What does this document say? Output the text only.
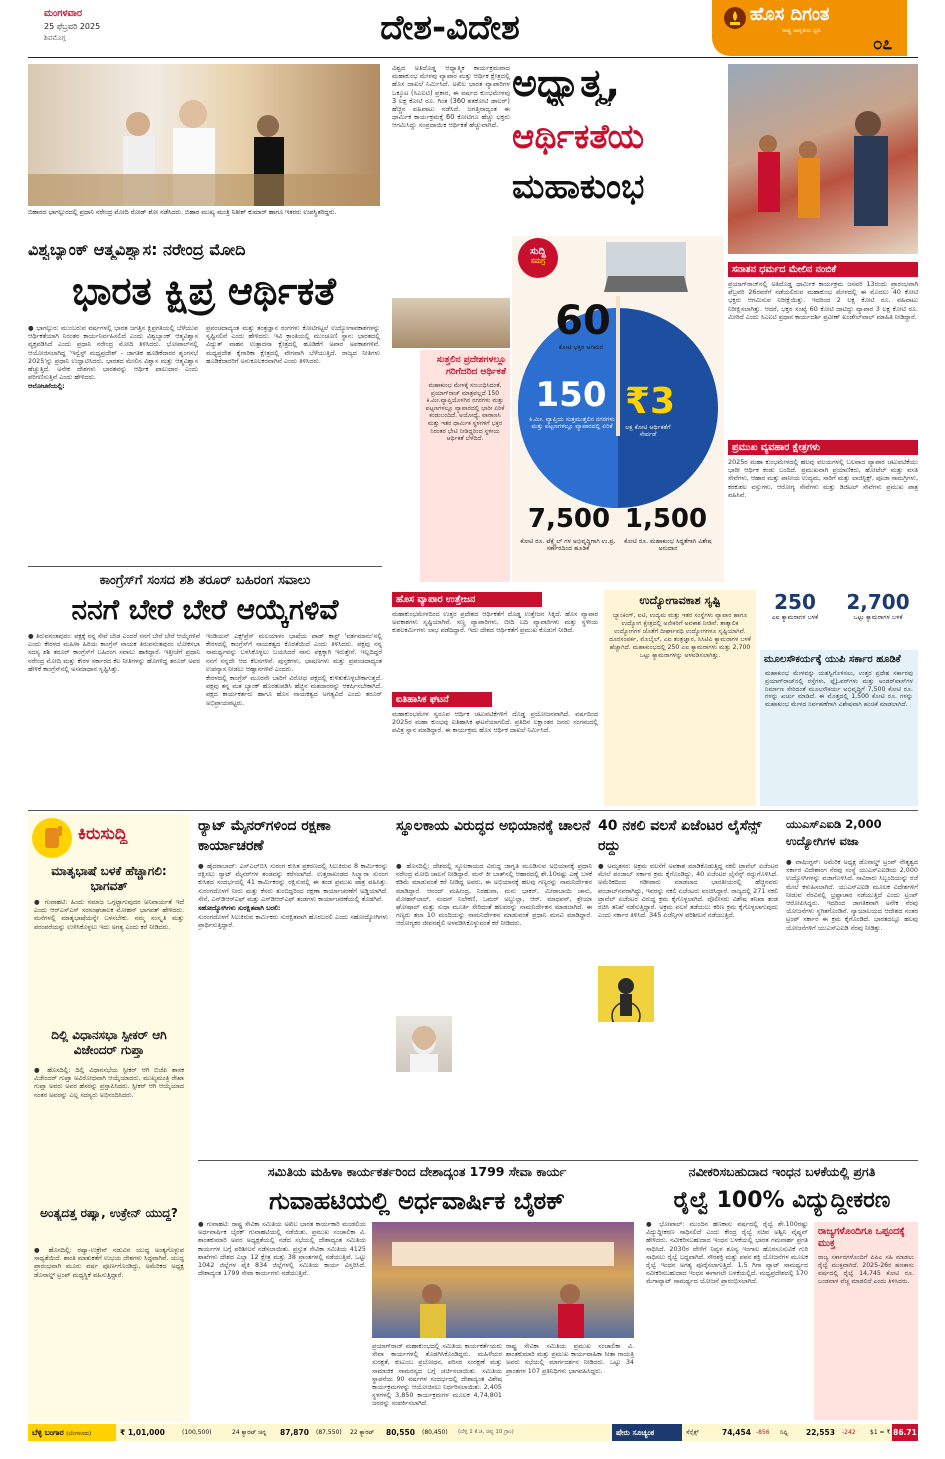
ಮಂಗಳವಾರ
25 ಫೆಬ್ರವರಿ 2025
ಶಿವಮೊಗ್ಗ	ದೇಶ-ವಿದೇಶ	ಹೊಸ ದಿಗಂತ
ರಾಷ್ಟ್ರ ಜಾಗೃತಿಯ ಧ್ವನಿ
೦೭
ಬಿಹಾರದ ಭಾಗಲ್ಪುರದಲ್ಲಿ ಪ್ರಧಾನಿ ನರೇಂದ್ರ ಮೋದಿ ರೋಡ್ ಶೋ ನಡೆಸಿದರು. ಬಿಹಾರ ಮುಖ್ಯ ಮಂತ್ರಿ ನಿತೀಶ್ ಕುಮಾರ್ ಹಾಗೂ ಇತರರು ಉಪಸ್ಥಿತರಿದ್ದರು.
ವಿಶ್ವಬ್ಯಾಂಕ್ ಆತ್ಮವಿಶ್ವಾಸ: ನರೇಂದ್ರ ಮೋದಿ
ಭಾರತ ಕ್ಷಿಪ್ರ ಆರ್ಥಿಕತೆ

● ಭಾಗಲ್ಪುರ: ಮುಂಬರುವ ವರ್ಷಗಳಲ್ಲಿ ಭಾರತ ಜಗತ್ತಿನ ಕ್ಷಿಪ್ರಗತಿಯಲ್ಲಿ ಬೆಳೆಯುವ ಆರ್ಥಿಕತೆಯಾಗಿ ನಿರಂತರ ಕಾರ್ಯನಿರ್ವಹಿಸಲಿದೆ ಎಂದು ವಿಶ್ವಬ್ಯಾಂಕ್ ಆತ್ಮವಿಶ್ವಾಸ ವ್ಯಕ್ತಪಡಿಸಿದೆ ಎಂದು ಪ್ರಧಾನಿ ನರೇಂದ್ರ ಮೋದಿ ತಿಳಿಸಿದರು. ಭೋಪಾಲ್‌ನಲ್ಲಿ ಆಯೋಜಿಸಲಾಗಿದ್ದ 'ಇನ್ವೆಸ್ಟ್ ಮಧ್ಯಪ್ರದೇಶ್ - ಜಾಗತಿಕ ಹೂಡಿಕೆದಾರರ ಶೃಂಗಸಭೆ 2025'ನ್ನು ಪ್ರಧಾನಿ ಉದ್ಘಾಟಿಸಿದರು. ಭಾರತದ ಮೇಲಿನ ವಿಶ್ವಾಸ ಮತ್ತು ಆತ್ಮವಿಶ್ವಾಸ ಹೆಚ್ಚುತ್ತಿದೆ. ಅನೇಕ ದೇಶಗಳು ಭಾರತವನ್ನು ಆರ್ಥಿಕ ಪಾಲುದಾರ ಎಂದು ಪರಿಗಣಿಸುತ್ತಿವೆ ಎಂದು ಹೇಳಿದರು.

ಆಲೋಚನೆಯಲ್ಲಿ:

ಪ್ರಪಂಚದಾದ್ಯಂತ ಮತ್ತು ತಂತ್ರಜ್ಞಾನ ರಂಗಗಳು ಕೋಟಿಗಟ್ಟಲೆ ಉದ್ಯೋಗಾವಕಾಶಗಳನ್ನು ಸೃಷ್ಟಿಸಲಿವೆ ಎಂದು ಹೇಳಿದರು. ಇವಿ ಕ್ರಾಂತಿಯಲ್ಲಿ ಮುಂಚೂಣಿ ಸ್ಥಾನ: ಭಾರತದಲ್ಲಿ ವಿದ್ಯುತ್ ವಾಹನ ಉತ್ಪಾದನಾ ಕ್ಷೇತ್ರದಲ್ಲಿ ಹೂಡಿಕೆಗೆ ಅಪಾರ ಅವಕಾಶಗಳಿವೆ. ಮಧ್ಯಪ್ರದೇಶ ಕೈಗಾರಿಕಾ ಕ್ಷೇತ್ರದಲ್ಲಿ ವೇಗವಾಗಿ ಬೆಳೆಯುತ್ತಿದೆ. ರಾಜ್ಯದ ನೀತಿಗಳು ಹೂಡಿಕೆದಾರರಿಗೆ ಅನುಕೂಲಕರವಾಗಿವೆ ಎಂದು ತಿಳಿಸಿದರು.
ವಿಶ್ವದ ಅತಿದೊಡ್ಡ ಆಧ್ಯಾತ್ಮಿಕ ಕಾರ್ಯಕ್ರಮವಾದ ಮಹಾಕುಂಭ ಮೇಳವು ವ್ಯಾಪಾರ ಮತ್ತು ಆರ್ಥಿಕ ಕ್ಷೇತ್ರದಲ್ಲಿ ಹೊಸ ದಾಖಲೆ ನಿರ್ಮಿಸಿದೆ. ಅಖಿಲ ಭಾರತ ವ್ಯಾಪಾರಿಗಳ ಒಕ್ಕೂಟ (ಸಿಎಐಟಿ) ಪ್ರಕಾರ, ಈ ವರ್ಷದ ಕುಂಭಮೇಳವು 3 ಲಕ್ಷ ಕೋಟಿ ರೂ. ಗಿಂತ (360 ಶತಕೋಟಿ ಡಾಲರ್) ಹೆಚ್ಚಿನ ವಹಿವಾಟು ನಡೆಸಿದೆ. ಜಗತ್ತಿನಾದ್ಯಂತ ಈ ಧಾರ್ಮಿಕ ಕಾರ್ಯಕ್ರಮಕ್ಕೆ 60 ಕೋಟಿಗೂ ಹೆಚ್ಚು ಭಕ್ತರು ಆಗಮಿಸಿದ್ದು ಸಂಪ್ರದಾಯಿಕ ಆರ್ಥಿಕತೆ ಹೆಚ್ಚುವಾಗಿದೆ.
ಅಧ್ಯಾತ್ಮ,
ಆರ್ಥಿಕತೆಯ
ಮಹಾಕುಂಭ
ಸುದ್ದಿ
ಸಮಗ್ರ
60
ಕೋಟಿ ಭಕ್ತರ ಆಗಮನ
150
ಕಿ.ಮೀ. ವ್ಯಾಪ್ತಿಯ ಸುತ್ತಮುತ್ತಲಿನ ನಗರಗಳು ಮತ್ತು ಪಟ್ಟಣಗಳಲ್ಲೂ ವ್ಯಾಪಾರದಲ್ಲಿ ಏರಿಕೆ
₹3
ಲಕ್ಷ ಕೋಟಿ ಆರ್ಥಿಕತೆಗೆ ಸೇರ್ಪಡೆ
7,500
ಕೋಟಿ ರೂ. ಟೆಕ್ಸ್ಟೈಲ್ ಗಳ ಅಭಿವೃದ್ಧಿಗಾಗಿ ಉ.ಪ್ರ. ಸರ್ಕಾರದಿಂದ ಹೂಡಿಕೆ
1,500
ಕೋಟಿ ರೂ. ಮಹಾಕುಂಭ ಸಿದ್ಧತೆಗಾಗಿ ವಿಶೇಷ ಅನುದಾನ
ಸುತ್ತಲಿನ ಪ್ರದೇಶಗಳಲ್ಲೂ ಗರಿಗೆದರಿದ ಆರ್ಥಿಕತೆ
ಮಹಾಕುಂಭ ಮೇಳಕ್ಕೆ ಸಂಬಂಧಿಸಿದಂತೆ, ಪ್ರಯಾಗ್‌ರಾಜ್ ಮಾತ್ರವಲ್ಲದೆ 150 ಕಿ.ಮೀ.ವ್ಯಾಪ್ತಿಯೊಳಗಿನ ನಗರಗಳು ಮತ್ತು ಪಟ್ಟಣಗಳಲ್ಲೂ ವ್ಯಾಪಾರದಲ್ಲಿ ಭಾರೀ ಏರಿಕೆ ಕಂಡುಬಂದಿದೆ. ಅಯೋಧ್ಯೆ, ವಾರಾಣಸಿ ಮತ್ತು ಇತರ ಧಾರ್ಮಿಕ ಸ್ಥಳಗಳಿಗೆ ಭಕ್ತರ ನಿರಂತರ ಭೇಟಿ ನೀಡಿದ್ದರಿಂದ ಸ್ಥಳೀಯ ಆರ್ಥಿಕತೆ ಬೆಳೆದಿದೆ.
ಸನಾತನ ಧರ್ಮದ ಮೇಲಿನ ನಂಬಿಕೆ
ಪ್ರಯಾಗ್‌ರಾಜ್‌ನಲ್ಲಿ ಅತಿದೊಡ್ಡ ಧಾರ್ಮಿಕ ಕಾರ್ಯಕ್ರಮ ಜನವರಿ 13ರಂದು ಪ್ರಾರಂಭವಾಗಿ ಫೆಬ್ರವರಿ 26ರವರೆಗೆ ನಡೆಯಲಿರುವ ಮಹಾಕುಂಭ ಮೇಳದಲ್ಲಿ ಈ ಮೊದಲು 40 ಕೋಟಿ ಭಕ್ತರು ಆಗಮಿಸುವ ನಿರೀಕ್ಷೆಯಿತ್ತು. ಇದರಿಂದ 2 ಲಕ್ಷ ಕೋಟಿ ರೂ. ವಹಿವಾಟು ನಿರೀಕ್ಷಿಸಲಾಗಿತ್ತು. ಆದರೆ, ಭಕ್ತರ ಸಂಖ್ಯೆ 60 ಕೋಟಿ ದಾಟಿದ್ದು ವ್ಯಾಪಾರ 3 ಲಕ್ಷ ಕೋಟಿ ರೂ. ಮೀರಿದೆ ಎಂದು ಸಿಎಐಟಿ ಪ್ರಧಾನ ಕಾರ್ಯದರ್ಶಿ ಪ್ರವೀಣ್ ಖಂಡೇಲ್‌ವಾಲ್ ಮಾಹಿತಿ ನೀಡಿದ್ದಾರೆ.
ಪ್ರಮುಖ ವ್ಯವಹಾರ ಕ್ಷೇತ್ರಗಳು
2025ರ ಮಹಾ ಕುಂಭಮೇಳದಲ್ಲಿ ಹಲವು ವಲಯಗಳಲ್ಲಿ ಬಲವಾದ ವ್ಯಾಪಾರ ಚಟುವಟಿಕೆಯು ಭಾರೀ ಆರ್ಥಿಕ ಕಂಡು ಬಂದಿದೆ. ಪ್ರಮುಖವಾಗಿ ಪ್ರಯಾಣಿಕರು, ಹೋಟೆಲ್ ಮತ್ತು ವಸತಿ ಸೇವೆಗಳು, ಆಹಾರ ಮತ್ತು ಪಾನೀಯ ಉದ್ಯಮ, ಸಾರಿಗೆ ಮತ್ತು ಲಾಜಿಸ್ಟಿಕ್ಸ್, ಪೂಜಾ ಸಾಮಗ್ರಿಗಳು, ಕರಕುಶಲ ವಸ್ತುಗಳು, ಆರೋಗ್ಯ ಸೇವೆಗಳು ಮತ್ತು ಡಿಜಿಟಲ್ ಸೇವೆಗಳು ಪ್ರಮುಖ ಪಾತ್ರ ವಹಿಸಿವೆ.
ಹೊಸ ವ್ಯಾಪಾರ ಉತ್ತೇಜನ
ಮಹಾಕುಂಭಮೇಳದಿಂದ ಉತ್ತರ ಪ್ರದೇಶದ ಆರ್ಥಿಕತೆಗೆ ದೊಡ್ಡ ಉತ್ತೇಜನ ಸಿಕ್ಕಿದೆ. ಹೊಸ ವ್ಯಾಪಾರ ಅವಕಾಶಗಳು ಸೃಷ್ಟಿಯಾಗಿವೆ. ಸಣ್ಣ ವ್ಯಾಪಾರಿಗಳು, ಬೀದಿ ಬದಿ ವ್ಯಾಪಾರಿಗಳು ಮತ್ತು ಸ್ಥಳೀಯ ಕುಶಲಕರ್ಮಿಗಳು ಲಾಭ ಪಡೆದಿದ್ದಾರೆ. ಇದು ದೇಶದ ಆರ್ಥಿಕತೆಗೆ ಪ್ರಮುಖ ಕೊಡುಗೆ ನೀಡಿದೆ.
ಐತಿಹಾಸಿಕ ಘಟನೆ
ಮಹಾಕುಂಭಮೇಳ ಸ್ವರೂಪ ಆರ್ಥಿಕ ಚಟುವಟಿಕೆಗಳಿಗೆ ದೊಡ್ಡ ಪ್ರಯೋಜನವಾಗಿದೆ. ವರ್ಷದಿಂದ 2025ರ ಮಹಾ ಕುಂಭವು ಐತಿಹಾಸಿಕ ಘಟನೆಯಾಗಲಿದೆ. ಪ್ರತಿದಿನ ಲಕ್ಷಾಂತರ ಜನರು ಸಂಗಮದಲ್ಲಿ ಪವಿತ್ರ ಸ್ನಾನ ಮಾಡಿದ್ದಾರೆ. ಈ ಕಾರ್ಯಕ್ರಮ ಹೊಸ ಆರ್ಥಿಕ ದಾಖಲೆ ನಿರ್ಮಿಸಿದೆ.
ಉದ್ಯೋಗಾವಕಾಶ ಸೃಷ್ಟಿ
ಬ್ಯಾಂಕಿಂಗ್, ಐಟಿ, ಉದ್ಯಮ ಮತ್ತು ಇತರ ಸಂಸ್ಥೆಗಳು ವ್ಯಾಪಾರ ಹಾಗೂ ಉದ್ಯೋಗ ಕ್ಷೇತ್ರದಲ್ಲಿ ಅನೇಕರಿಗೆ ಅವಕಾಶ ನೀಡಿವೆ. ತಾತ್ಕಾಲಿಕ ಉದ್ಯೋಗಗಳ ಜೊತೆಗೆ ದೀರ್ಘಾವಧಿ ಉದ್ಯೋಗಗಳೂ ಸೃಷ್ಟಿಯಾಗಿವೆ. ದೂರಸಂಪರ್ಕ, ಮೊಬೈಲ್, ಎಐ ತಂತ್ರಜ್ಞಾನ, ಸಿಸಿಟಿವಿ ಕ್ಯಾಮರಾಗಳ ಬಳಕೆ ಹೆಚ್ಚಾಗಿದೆ. ಮಹಾಕುಂಭದಲ್ಲಿ 250 ಎಐ ಕ್ಯಾಮರಾಗಳು ಮತ್ತು 2,700 ಒಟ್ಟು ಕ್ಯಾಮರಾಗಳನ್ನು ಅಳವಡಿಸಲಾಗಿತ್ತು.
250
ಎಐ ಕ್ಯಾಮರಾಗಳ ಬಳಕೆ
2,700
ಒಟ್ಟು ಕ್ಯಾಮರಾಗಳ ಬಳಕೆ
ಮೂಲಸೌಕರ್ಯಕ್ಕೆ ಯುಪಿ ಸರ್ಕಾರ ಹೂಡಿಕೆ
ಮಹಾಕುಂಭ ಮೇಳವನ್ನು ಯಶಸ್ವಿಗೊಳಿಸಲು, ಉತ್ತರ ಪ್ರದೇಶ ಸರ್ಕಾರವು ಪ್ರಯಾಗ್‌ರಾಜ್‌ನಲ್ಲಿ ರಸ್ತೆಗಳು, ಫ್ಲೈಓವರ್‌ಗಳು ಮತ್ತು ಅಂಡರ್‌ಪಾಸ್‌ಗಳ ನಿರ್ಮಾಣ ಸೇರಿದಂತೆ ಮೂಲಸೌಕರ್ಯ ಅಭಿವೃದ್ಧಿಗೆ 7,500 ಕೋಟಿ ರೂ. ಗಳನ್ನು ಖರ್ಚು ಮಾಡಿದೆ. ಈ ಮೊತ್ತದಲ್ಲಿ 1,500 ಕೋಟಿ ರೂ. ಗಳನ್ನು ಮಹಾಕುಂಭ ಮೇಳದ ನಿರ್ವಹಣೆಗಾಗಿ ವಿಶೇಷವಾಗಿ ಹಂಚಿಕೆ ಮಾಡಲಾಗಿದೆ.
ಕಾಂಗ್ರೆಸ್‌ಗೆ ಸಂಸದ ಶಶಿ ತರೂರ್ ಬಹಿರಂಗ ಸವಾಲು
ನನಗೆ ಬೇರೆ ಬೇರೆ ಆಯ್ಕೆಗಳಿವೆ
● ತಿರುವನಂತಪುರಂ: ಪಕ್ಷಕ್ಕೆ ನನ್ನ ಸೇವೆ ಬೇಡ ಎಂದರೆ ನನಗೆ ಬೇರೆ ಬೇರೆ ಆಯ್ಕೆಗಳಿವೆ ಎಂದು ಕೇರಳದ ಮಹಿಳಾ ಹಿರಿಯ ಕಾಂಗ್ರೆಸ್ ನಾಯಕ ತಿರುವನಂತಪುರಂ ಲೋಕಸಭಾ ಸದಸ್ಯ ಶಶಿ ತರೂರ್ ಕಾಂಗ್ರೆಸ್‌ಗೆ ಬಹಿರಂಗ ಸವಾಲು ಹಾಕಿದ್ದಾರೆ. ಇತ್ತೀಚೆಗೆ ಪ್ರಧಾನಿ ನರೇಂದ್ರ ಮೋದಿ ಮತ್ತು ಕೇರಳ ಸರ್ಕಾರದ ಕೆಲ ನೀತಿಗಳನ್ನು ಹೊಗಳಿದ್ದ ತರೂರ್ ಅವರ ಹೇಳಿಕೆ ಕಾಂಗ್ರೆಸ್‌ನಲ್ಲಿ ಅಸಮಾಧಾನ ಸೃಷ್ಟಿಸಿತ್ತು.

ಇಂಡಿಯನ್ ಎಕ್ಸ್‌ಪ್ರೆಸ್ ಮಲಯಾಳಂ ಭಾಷೆಯ ಪಾಡ್ ಕಾಸ್ಟ್ 'ವರ್ತಮಾನಂ'ನಲ್ಲಿ ಕೇರಳದಲ್ಲಿ ಕಾಂಗ್ರೆಸ್‌ಗೆ ನಾಯಕತ್ವದ ಕೊರತೆಯಿದೆ ಎಂದು ತಿಳಿಸಿದರು. ಪಕ್ಷವು ನನ್ನ ಸಾಮರ್ಥ್ಯವನ್ನು ಬಳಸಿಕೊಳ್ಳಲು ಬಯಸಿದರೆ ನಾನು ಪಕ್ಷಕ್ಕಾಗಿ ಇರುತ್ತೇನೆ. ಇಲ್ಲದಿದ್ದರೆ ನನಗೆ ನನ್ನದೇ ಆದ ಕೆಲಸಗಳಿವೆ. ಪುಸ್ತಕಗಳು, ಭಾಷಣಗಳು ಮತ್ತು ಪ್ರಪಂಚದಾದ್ಯಂತ ಉಪನ್ಯಾಸ ನೀಡಲು ಆಹ್ವಾನಗಳಿವೆ ಎಂದರು.

ಕೇರಳದಲ್ಲಿ ಕಾಂಗ್ರೆಸ್ ಮೂರನೇ ಬಾರಿಗೆ ವಿರೋಧ ಪಕ್ಷದಲ್ಲಿ ಕುಳಿತುಕೊಳ್ಳಬೇಕಾಗುತ್ತದೆ. ಪಕ್ಷವು ತನ್ನ ಮತ ಬ್ಯಾಂಕ್ ಹೊರತುಪಡಿಸಿ ಹೆಚ್ಚಿನ ಮತದಾರರನ್ನು ಆಕರ್ಷಿಸಬೇಕಾಗಿದೆ. ಪಕ್ಷದ ಕಾರ್ಯಕರ್ತರು ಹಾಗೂ ಹೊಸ ನಾಯಕತ್ವದ ಅಗತ್ಯವಿದೆ ಎಂದು ತರೂರ್ ಅಭಿಪ್ರಾಯಪಟ್ಟರು.

ಕಿರುಸುದ್ದಿ
ಮಾತೃಭಾಷೆ ಬಳಕೆ ಹೆಚ್ಚಾಗಲಿ: ಭಾಗವತ್
● ಗುವಾಹಟಿ: ಹಿಂದು ಸಮಾಜ ಒಗ್ಗಟ್ಟಾಗುವುದರ ಅನಿವಾರ್ಯತೆ ಇದೆ ಎಂದು ಆರ್‌ಎಸ್‌ಎಸ್ ಸರಸಂಘಚಾಲಕ ಮೋಹನ್ ಭಾಗವತ್ ಹೇಳಿದರು. ಮನೆಗಳಲ್ಲಿ ಮಾತೃಭಾಷೆಯನ್ನೇ ಬಳಸಬೇಕು. ನಮ್ಮ ಸಂಸ್ಕೃತಿ ಮತ್ತು ಪರಂಪರೆಯನ್ನು ಉಳಿಸಿಕೊಳ್ಳಲು ಇದು ಅಗತ್ಯ ಎಂದು ಕರೆ ನೀಡಿದರು.
ದಿಲ್ಲಿ ವಿಧಾನಸಭಾ ಸ್ಪೀಕರ್ ಆಗಿ ವಿಜೇಂದರ್ ಗುಪ್ತಾ
● ಹೊಸದಿಲ್ಲಿ: ದಿಲ್ಲಿ ವಿಧಾನಸಭೆಯ ಸ್ಪೀಕರ್ ಆಗಿ ಬಿಜೆಪಿ ಶಾಸಕ ವಿಜೇಂದರ್ ಗುಪ್ತಾ ಅವಿರೋಧವಾಗಿ ಆಯ್ಕೆಯಾದರು. ಮುಖ್ಯಮಂತ್ರಿ ರೇಖಾ ಗುಪ್ತಾ ಅವರು ಅವರ ಹೆಸರನ್ನು ಪ್ರಸ್ತಾಪಿಸಿದರು. ಸ್ಪೀಕರ್ ಆಗಿ ಆಯ್ಕೆಯಾದ ನಂತರ ಅವರನ್ನು ಎಲ್ಲ ಸದಸ್ಯರು ಅಭಿನಂದಿಸಿದರು.
ಅಂತ್ಯದತ್ತ ರಷ್ಯಾ, ಉಕ್ರೇನ್ ಯುದ್ಧ?
● ಹೊಸದಿಲ್ಲಿ: ರಷ್ಯಾ-ಉಕ್ರೇನ್ ನಡುವಿನ ಯುದ್ಧ ಅಂತ್ಯಗೊಳ್ಳುವ ಸಾಧ್ಯತೆಯಿದೆ. ಶಾಂತಿ ಮಾತುಕತೆಗೆ ಉಭಯ ದೇಶಗಳು ಸಿದ್ಧವಾಗಿವೆ. ಯುದ್ಧ ಪ್ರಾರಂಭವಾಗಿ ಮೂರು ವರ್ಷ ಪೂರ್ಣಗೊಂಡಿದ್ದು, ಅಮೆರಿಕದ ಅಧ್ಯಕ್ಷ ಡೊನಾಲ್ಡ್ ಟ್ರಂಪ್ ಮಧ್ಯಸ್ಥಿಕೆ ವಹಿಸುತ್ತಿದ್ದಾರೆ.
ರ್‍ಯಾಟ್ ಮೈನರ್‌ಗಳಿಂದ ರಕ್ಷಣಾ ಕಾರ್ಯಾಚರಣೆ

● ಹೈದರಾಬಾದ್: ಎಸ್‌ಎಲ್‌ಬಿಸಿ ಸುರಂಗ ಕುಸಿತ ಪ್ರಕರಣದಲ್ಲಿ ಸಿಲುಕಿರುವ 8 ಕಾರ್ಮಿಕರನ್ನು ರಕ್ಷಿಸಲು ರ್‍ಯಾಟ್ ಮೈನರ್‌ಗಳ ತಂಡವನ್ನು ಕರೆಸಲಾಗಿದೆ. ಉತ್ತರಾಖಂಡದ ಸಿಲ್ಕ್ಯಾರಾ ಸುರಂಗ ಕುಸಿತದ ಸಂದರ್ಭದಲ್ಲಿ 41 ಕಾರ್ಮಿಕರನ್ನು ರಕ್ಷಿಸುವಲ್ಲಿ ಈ ತಂಡ ಪ್ರಮುಖ ಪಾತ್ರ ವಹಿಸಿತ್ತು. ಸುರಂಗದೊಳಗೆ ನೀರು ಮತ್ತು ಕೆಸರು ತುಂಬಿದ್ದರಿಂದ ರಕ್ಷಣಾ ಕಾರ್ಯಾಚರಣೆಗೆ ಅಡ್ಡಿಯಾಗಿದೆ. ಸೇನೆ, ಎನ್‌ಡಿಆರ್‌ಎಫ್ ಮತ್ತು ಎಸ್‌ಡಿಆರ್‌ಎಫ್ ತಂಡಗಳು ಕಾರ್ಯಾಚರಣೆಯಲ್ಲಿ ತೊಡಗಿವೆ.

ಸಹೋದ್ಯೋಗಿಗಳು ಸುರಕ್ಷಿತವಾಗಿ ಬರಲಿ:

ಸುರಂಗದೊಳಗೆ ಸಿಲುಕಿರುವ ಕಾರ್ಮಿಕರು ಸುರಕ್ಷಿತವಾಗಿ ಹೊರಬರಲಿ ಎಂದು ಸಹೋದ್ಯೋಗಿಗಳು ಪ್ರಾರ್ಥಿಸುತ್ತಿದ್ದಾರೆ.

ಸ್ಥೂಲಕಾಯ ವಿರುದ್ಧದ ಅಭಿಯಾನಕ್ಕೆ ಚಾಲನೆ
● ಹೊಸದಿಲ್ಲಿ: ದೇಶದಲ್ಲಿ ಸ್ಥೂಲಕಾಯದ ವಿರುದ್ಧ ಜಾಗೃತಿ ಮೂಡಿಸುವ ಅಭಿಯಾನಕ್ಕೆ ಪ್ರಧಾನಿ ನರೇಂದ್ರ ಮೋದಿ ಚಾಲನೆ ನೀಡಿದ್ದಾರೆ. ಮನ್ ಕೀ ಬಾತ್‌ನಲ್ಲಿ ಆಹಾರದಲ್ಲಿ ಶೇ.10ರಷ್ಟು ಎಣ್ಣೆ ಬಳಕೆ ಕಡಿಮೆ ಮಾಡುವಂತೆ ಕರೆ ನೀಡಿದ್ದ ಅವರು, ಈ ಅಭಿಯಾನಕ್ಕೆ ಹಲವು ಗಣ್ಯರನ್ನು ನಾಮನಿರ್ದೇಶನ ಮಾಡಿದ್ದಾರೆ. ಆನಂದ್ ಮಹೀಂದ್ರ, ನಿರಹುವಾ, ಮನು ಭಾಕರ್, ಮೀರಾಬಾಯಿ ಚಾನು, ಮೋಹನ್‌ಲಾಲ್, ನಂದನ್ ನಿಲೇಕಣಿ, ಒಮರ್ ಅಬ್ದುಲ್ಲಾ, ಆರ್. ಮಾಧವನ್, ಶ್ರೇಯಾ ಘೋಷಾಲ್ ಮತ್ತು ಸುಧಾ ಮೂರ್ತಿ ಸೇರಿದಂತೆ ಹಲವರನ್ನು ನಾಮನಿರ್ದೇಶನ ಮಾಡಲಾಗಿದೆ. ಈ ಗಣ್ಯರು ತಲಾ 10 ಮಂದಿಯನ್ನು ನಾಮನಿರ್ದೇಶನ ಮಾಡುವಂತೆ ಪ್ರಧಾನಿ ಮನವಿ ಮಾಡಿದ್ದಾರೆ. ಆರೋಗ್ಯಕರ ಜೀವನಶೈಲಿ ಅಳವಡಿಸಿಕೊಳ್ಳುವಂತೆ ಕರೆ ನೀಡಿದರು.
40 ನಕಲಿ ವಲಸೆ ಏಜೆಂಟರ ಲೈಸೆನ್ಸ್ ರದ್ದು
● ಅಮೃತಸರ: ಅಕ್ರಮ ವಲಸೆಗೆ ಅವಕಾಶ ಮಾಡಿಕೊಡುತ್ತಿದ್ದ ನಕಲಿ ಟ್ರಾವೆಲ್ ಏಜೆಂಟರ ಮೇಲೆ ಪಂಜಾಬ್ ಸರ್ಕಾರ ಕ್ರಮ ಕೈಗೊಂಡಿದ್ದು, 40 ಏಜೆಂಟರ ಲೈಸೆನ್ಸ್ ರದ್ದುಗೊಳಿಸಿದೆ. ಅಮೆರಿಕದಿಂದ ಗಡೀಪಾರು ಮಾಡಲಾದ ಭಾರತೀಯರಲ್ಲಿ ಹೆಚ್ಚಿನವರು ಪಂಜಾಬ್‌ನವರಾಗಿದ್ದು, ಇವರನ್ನು ನಕಲಿ ಏಜೆಂಟರು ವಂಚಿಸಿದ್ದಾರೆ. ರಾಜ್ಯದಲ್ಲಿ 271 ನಕಲಿ ಟ್ರಾವೆಲ್ ಏಜೆಂಟರ ವಿರುದ್ಧ ಕ್ರಮ ಕೈಗೊಳ್ಳಲಾಗಿದೆ. ಪೊಲೀಸರು ವಿಶೇಷ ತನಿಖಾ ತಂಡ ರಚಿಸಿ ತನಿಖೆ ನಡೆಸುತ್ತಿದ್ದಾರೆ. ಅಕ್ರಮ ವಲಸೆ ತಡೆಯಲು ಕಠಿಣ ಕ್ರಮ ಕೈಗೊಳ್ಳಲಾಗುವುದು ಎಂದು ಸರ್ಕಾರ ತಿಳಿಸಿದೆ. 345 ಏಜೆನ್ಸಿಗಳ ಪರಿಶೀಲನೆ ನಡೆಯುತ್ತಿದೆ.
ಯುಎಸ್‌ಎಐಡಿ 2,000 ಉದ್ಯೋಗಿಗಳ ವಜಾ
● ವಾಷಿಂಗ್ಟನ್: ಅಮೆರಿಕ ಅಧ್ಯಕ್ಷ ಡೊನಾಲ್ಡ್ ಟ್ರಂಪ್ ನೇತೃತ್ವದ ಸರ್ಕಾರ ವಿದೇಶಾಂಗ ನೆರವು ಸಂಸ್ಥೆ ಯುಎಸ್‌ಎಐಡಿಯ 2,000 ಉದ್ಯೋಗಿಗಳನ್ನು ವಜಾಗೊಳಿಸಿದೆ. ಸಾವಿರಾರು ಸಿಬ್ಬಂದಿಯನ್ನು ರಜೆ ಮೇಲೆ ಕಳುಹಿಸಲಾಗಿದೆ. ಯುಎಸ್‌ಎಐಡಿ ಮೂಲಕ ವಿದೇಶಗಳಿಗೆ ನೀಡುವ ನೆರವಿನಲ್ಲಿ ಭ್ರಷ್ಟಾಚಾರ ನಡೆಯುತ್ತಿದೆ ಎಂದು ಟ್ರಂಪ್ ಆರೋಪಿಸಿದ್ದರು. ಇದರಿಂದ ಜಾಗತಿಕವಾಗಿ ಅನೇಕ ನೆರವು ಯೋಜನೆಗಳು ಸ್ಥಗಿತಗೊಂಡಿವೆ. ನ್ಯಾಯಾಲಯದ ಆದೇಶದ ನಂತರ ಟ್ರಂಪ್ ಸರ್ಕಾರ ಈ ಕ್ರಮ ಕೈಗೊಂಡಿದೆ. ಭಾರತದಲ್ಲೂ ಹಲವು ಯೋಜನೆಗಳಿಗೆ ಯುಎಸ್‌ಎಐಡಿ ನೆರವು ನೀಡಿತ್ತು.
ಸಮಿತಿಯ ಮಹಿಳಾ ಕಾರ್ಯಕರ್ತರಿಂದ ದೇಶಾದ್ಯಂತ 1799 ಸೇವಾ ಕಾರ್ಯ
ಗುವಾಹಟಿಯಲ್ಲಿ ಅರ್ಧವಾರ್ಷಿಕ ಬೈಠಕ್
● ಗುವಾಹಟಿ: ರಾಷ್ಟ್ರ ಸೇವಿಕಾ ಸಮಿತಿಯ ಅಖಿಲ ಭಾರತ ಕಾರ್ಯಕಾರಿ ಮಂಡಲಿಯ ಅರ್ಧವಾರ್ಷಿಕ ಬೈಠಕ್ ಗುವಾಹಟಿಯಲ್ಲಿ ನಡೆಯಿತು. ಪ್ರಮುಖ ಸಂಚಾಲಿಕಾ ವಿ. ಶಾಂತಕುಮಾರಿ ಅವರ ಅಧ್ಯಕ್ಷತೆಯಲ್ಲಿ ನಡೆದ ಸಭೆಯಲ್ಲಿ ದೇಶಾದ್ಯಂತ ಸಮಿತಿಯ ಕಾರ್ಯಗಳ ಬಗ್ಗೆ ಪರಿಶೀಲನೆ ನಡೆಸಲಾಯಿತು. ಪ್ರಸ್ತುತ ಸೇವಿಕಾ ಸಮಿತಿಯ 4125 ಶಾಖೆಗಳು ದೇಶದ ಎಲ್ಲಾ 12 ಕ್ಷೇತ್ರ ಮತ್ತು 38 ಪ್ರಾಂತಗಳಲ್ಲಿ ನಡೆಯುತ್ತಿವೆ. ಒಟ್ಟು 1042 ಜಿಲ್ಲೆಗಳ ಪೈಕಿ 834 ಜಿಲ್ಲೆಗಳಲ್ಲಿ ಸಮಿತಿಯ ಕಾರ್ಯ ವಿಸ್ತರಿಸಿದೆ. ದೇಶಾದ್ಯಂತ 1799 ಸೇವಾ ಕಾರ್ಯಗಳು ನಡೆಯುತ್ತಿವೆ.
ಪ್ರಯಾಗ್‌ರಾಜ್ ಮಹಾಕುಂಭದಲ್ಲಿ ಸಮಿತಿಯ ಕಾರ್ಯಕರ್ತೆಯರು ಸೇವಾ ಕಾರ್ಯಗಳಲ್ಲಿ ತೊಡಗಿಸಿಕೊಂಡಿದ್ದರು. ಮಹಿಳೆಯರ ಸುರಕ್ಷತೆ, ಕುಟುಂಬ ಪ್ರಬೋಧನ, ಪರಿಸರ ಸಂರಕ್ಷಣೆ ಮತ್ತು ಸಾಮಾಜಿಕ ಸಾಮರಸ್ಯದ ಬಗ್ಗೆ ಚರ್ಚಿಸಲಾಯಿತು. ಸಮಿತಿಯ ಸ್ಥಾಪನೆಯ 90 ವರ್ಷಗಳ ಸಂದರ್ಭದಲ್ಲಿ ದೇಶಾದ್ಯಂತ ವಿಶೇಷ ಕಾರ್ಯಕ್ರಮಗಳನ್ನು ಆಯೋಜಿಸಲು ನಿರ್ಧರಿಸಲಾಯಿತು. 2,405 ಸ್ಥಳಗಳಲ್ಲಿ 3,850 ಕಾರ್ಯಕ್ರಮಗಳ ಮೂಲಕ 4,74,801 ಜನರನ್ನು ಸಂಪರ್ಕಿಸಲಾಗಿದೆ.
ರಾಷ್ಟ್ರ ಸೇವಿಕಾ ಸಮಿತಿಯ ಪ್ರಮುಖ ಸಂಚಾಲಿಕಾ ವಿ. ಶಾಂತಕುಮಾರಿ ಮತ್ತು ಪ್ರಮುಖ ಕಾರ್ಯವಾಹಿಕಾ ಸೀತಾ ಗಾಯತ್ರಿ ಅವರು ಸಭೆಯಲ್ಲಿ ಮಾರ್ಗದರ್ಶನ ನೀಡಿದರು. ಒಟ್ಟು 34 ಪ್ರಾಂತಗಳ 107 ಪ್ರತಿನಿಧಿಗಳು ಭಾಗವಹಿಸಿದ್ದರು.
ನವೀಕರಿಸಬಹುದಾದ ಇಂಧನ ಬಳಕೆಯಲ್ಲಿ ಪ್ರಗತಿ
ರೈಲ್ವೆ 100% ವಿದ್ಯುದ್ದೀಕರಣ
● ಭೋಪಾಲ್: ಮುಂದಿನ ಹಣಕಾಸು ವರ್ಷದಲ್ಲಿ ರೈಲ್ವೆ ಶೇ.100ರಷ್ಟು ವಿದ್ಯುದ್ದೀಕರಣ ಸಾಧಿಸಲಿದೆ ಎಂದು ಕೇಂದ್ರ ರೈಲ್ವೆ ಸಚಿವ ಅಶ್ವಿನಿ ವೈಷ್ಣವ್ ಹೇಳಿದರು. ನವೀಕರಿಸಬಹುದಾದ ಇಂಧನ ಬಳಕೆಯಲ್ಲಿ ಭಾರತ ಗಮನಾರ್ಹ ಪ್ರಗತಿ ಸಾಧಿಸಿದೆ. 2030ರ ವೇಳೆಗೆ ನಿವ್ವಳ ಶೂನ್ಯ ಇಂಗಾಲ ಹೊರಸೂಸುವಿಕೆ ಗುರಿ ಸಾಧಿಸಲು ರೈಲ್ವೆ ಬದ್ಧವಾಗಿದೆ. ಸೌರಶಕ್ತಿ ಮತ್ತು ಪವನ ಶಕ್ತಿ ಯೋಜನೆಗಳ ಮೂಲಕ ರೈಲ್ವೆ ಇಂಧನ ಅಗತ್ಯ ಪೂರೈಸಲಾಗುತ್ತಿದೆ. 1.5 ಗಿಗಾ ವ್ಯಾಟ್ ಸಾಮರ್ಥ್ಯದ ನವೀಕರಿಸಬಹುದಾದ ಇಂಧನ ಈಗಾಗಲೇ ಬಳಕೆಯಲ್ಲಿದೆ. ಮಧ್ಯಪ್ರದೇಶದಲ್ಲಿ 170 ಮೆಗಾವ್ಯಾಟ್ ಸಾಮರ್ಥ್ಯದ ಯೋಜನೆ ಪ್ರಾರಂಭಿಸಲಾಗಿದೆ.
ರಾಜ್ಯಗಳೊಂದಿಗೂ ಒಪ್ಪಂದಕ್ಕೆ ಮುಕ್ತ
ರಾಜ್ಯ ಸರ್ಕಾರಗಳೊಂದಿಗೆ ಪಿಪಿಎ ಸಹಿ ಮಾಡಲು ರೈಲ್ವೆ ಮುಕ್ತವಾಗಿದೆ. 2025-26ರ ಹಣಕಾಸು ವರ್ಷದಲ್ಲಿ ರೈಲ್ವೆ 14,745 ಕೋಟಿ ರೂ. ಬಂಡವಾಳ ವೆಚ್ಚ ಮಾಡಲಿದೆ ಎಂದು ತಿಳಿಸಿದರು.
ಬೆಳ್ಳಿ ಬಂಗಾರ (ಬೆಂಗಳೂರು)	₹ 1,01,000	(100,500)	24 ಕ್ಯಾರಟ್ ಚಿನ್ನ	87,870	(87,550)	22 ಕ್ಯಾರಟ್	80,550	(80,450)	(ಬೆಳ್ಳಿ 1 ಕೆ.ಜಿ, ಚಿನ್ನ 10 ಗ್ರಾಂ)	ಷೇರು ಸೂಚ್ಯಂಕ	ಸೆನ್ಸೆಕ್ಸ್	74,454 -856	ನಿಫ್ಟಿ	22,553	-242	$1 = ₹ 86.71
